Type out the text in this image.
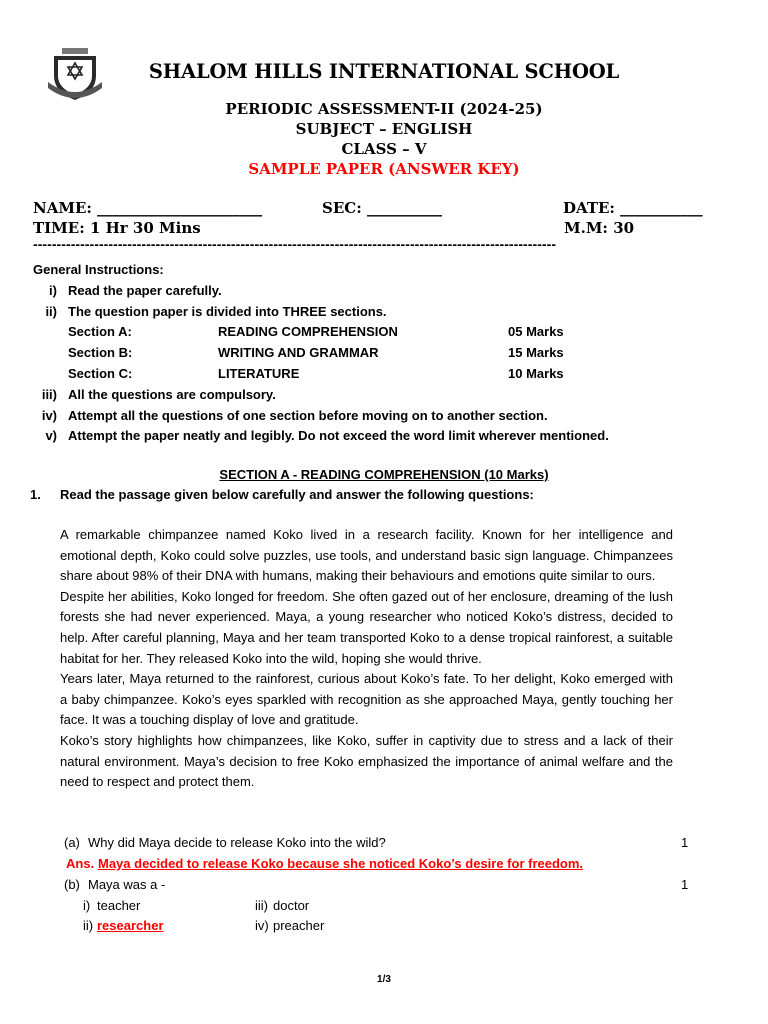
SHALOM HILLS INTERNATIONAL SCHOOL
PERIODIC ASSESSMENT-II (2024-25)
SUBJECT – ENGLISH
CLASS – V
SAMPLE PAPER (ANSWER KEY)
NAME: ______________________	SEC: __________	DATE: ___________
TIME: 1 Hr 30 Mins	M.M: 30
---------------------------------------------------------------------------------------------------------------
General Instructions:
i) Read the paper carefully.
ii) The question paper is divided into THREE sections.
Section A:	READING COMPREHENSION	05 Marks
Section B:	WRITING AND GRAMMAR	15 Marks
Section C:	LITERATURE	10 Marks
iii) All the questions are compulsory.
iv) Attempt all the questions of one section before moving on to another section.
v) Attempt the paper neatly and legibly. Do not exceed the word limit wherever mentioned.
SECTION A - READING COMPREHENSION (10 Marks)
1. Read the passage given below carefully and answer the following questions:

A remarkable chimpanzee named Koko lived in a research facility. Known for her intelligence and emotional depth, Koko could solve puzzles, use tools, and understand basic sign language. Chimpanzees share about 98% of their DNA with humans, making their behaviours and emotions quite similar to ours.

Despite her abilities, Koko longed for freedom. She often gazed out of her enclosure, dreaming of the lush forests she had never experienced. Maya, a young researcher who noticed Koko’s distress, decided to help. After careful planning, Maya and her team transported Koko to a dense tropical rainforest, a suitable habitat for her. They released Koko into the wild, hoping she would thrive.

Years later, Maya returned to the rainforest, curious about Koko’s fate. To her delight, Koko emerged with a baby chimpanzee. Koko’s eyes sparkled with recognition as she approached Maya, gently touching her face. It was a touching display of love and gratitude.

Koko’s story highlights how chimpanzees, like Koko, suffer in captivity due to stress and a lack of their natural environment. Maya’s decision to free Koko emphasized the importance of animal welfare and the need to respect and protect them.

(a) Why did Maya decide to release Koko into the wild?	1
Ans. Maya decided to release Koko because she noticed Koko’s desire for freedom.
(b) Maya was a -	1
i) teacher	iii) doctor
ii) researcher	iv) preacher
1/3
